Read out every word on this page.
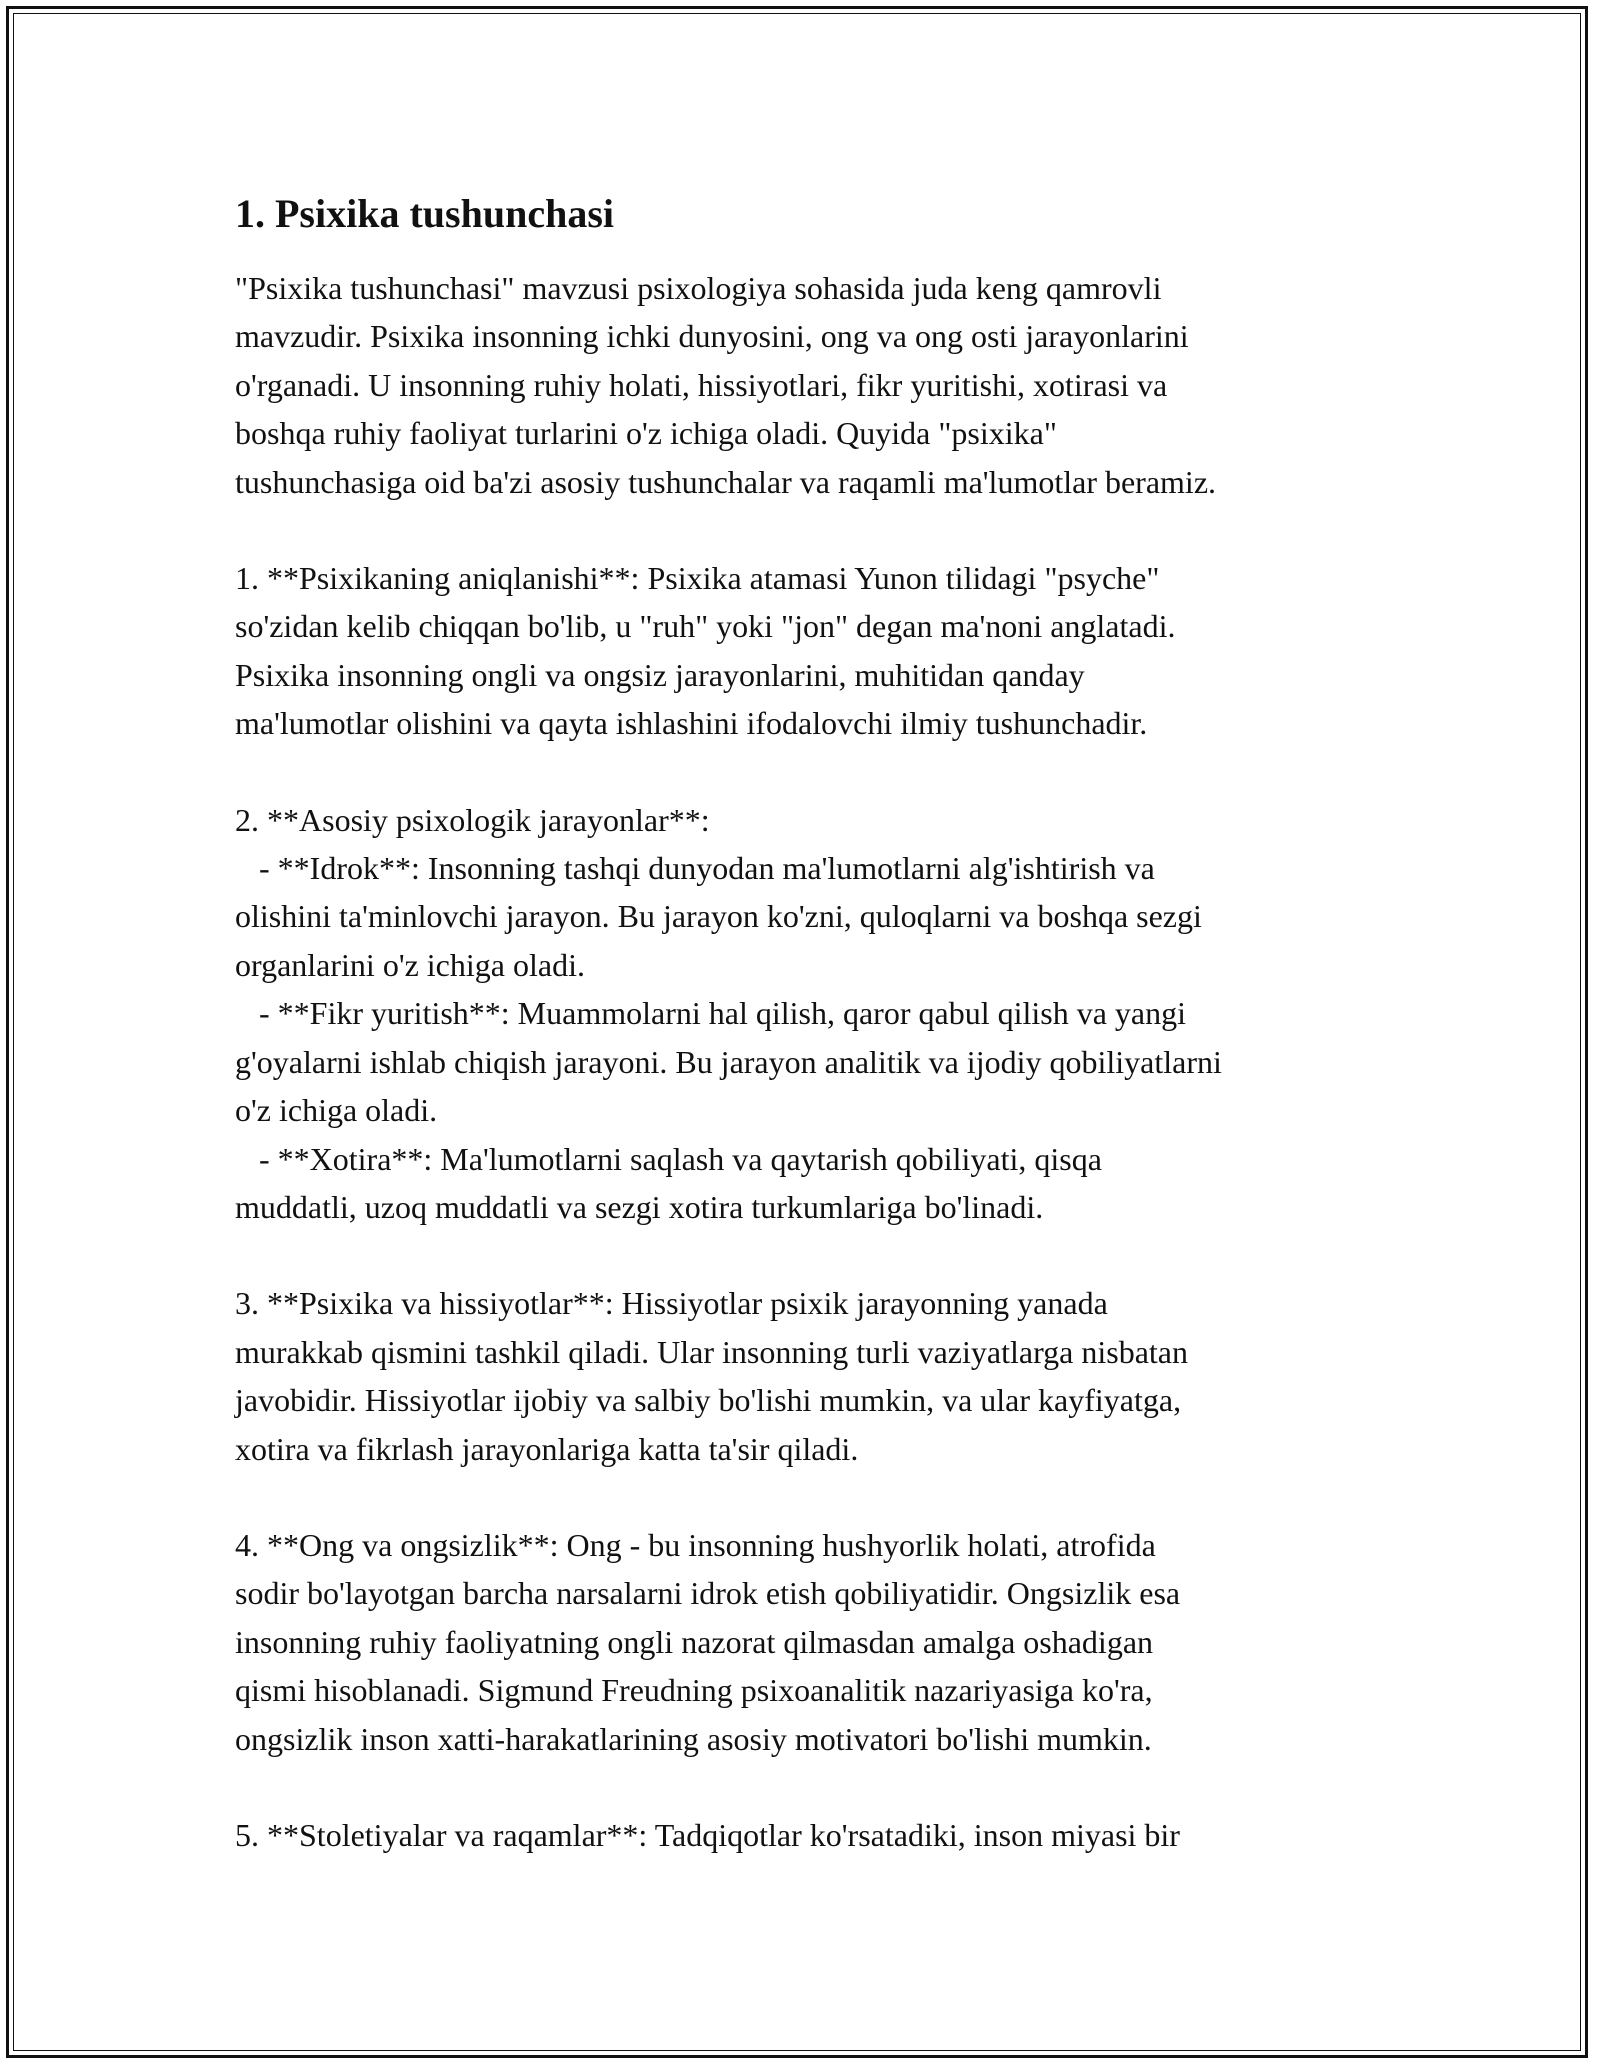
1. Psixika tushunchasi
"Psixika tushunchasi" mavzusi psixologiya sohasida juda keng qamrovli
mavzudir. Psixika insonning ichki dunyosini, ong va ong osti jarayonlarini
o'rganadi. U insonning ruhiy holati, hissiyotlari, fikr yuritishi, xotirasi va
boshqa ruhiy faoliyat turlarini o'z ichiga oladi. Quyida "psixika"
tushunchasiga oid ba'zi asosiy tushunchalar va raqamli ma'lumotlar beramiz.
1. **Psixikaning aniqlanishi**: Psixika atamasi Yunon tilidagi "psyche"
so'zidan kelib chiqqan bo'lib, u "ruh" yoki "jon" degan ma'noni anglatadi.
Psixika insonning ongli va ongsiz jarayonlarini, muhitidan qanday
ma'lumotlar olishini va qayta ishlashini ifodalovchi ilmiy tushunchadir.
2. **Asosiy psixologik jarayonlar**:
- **Idrok**: Insonning tashqi dunyodan ma'lumotlarni alg'ishtirish va
olishini ta'minlovchi jarayon. Bu jarayon ko'zni, quloqlarni va boshqa sezgi
organlarini o'z ichiga oladi.
- **Fikr yuritish**: Muammolarni hal qilish, qaror qabul qilish va yangi
g'oyalarni ishlab chiqish jarayoni. Bu jarayon analitik va ijodiy qobiliyatlarni
o'z ichiga oladi.
- **Xotira**: Ma'lumotlarni saqlash va qaytarish qobiliyati, qisqa
muddatli, uzoq muddatli va sezgi xotira turkumlariga bo'linadi.
3. **Psixika va hissiyotlar**: Hissiyotlar psixik jarayonning yanada
murakkab qismini tashkil qiladi. Ular insonning turli vaziyatlarga nisbatan
javobidir. Hissiyotlar ijobiy va salbiy bo'lishi mumkin, va ular kayfiyatga,
xotira va fikrlash jarayonlariga katta ta'sir qiladi.
4. **Ong va ongsizlik**: Ong - bu insonning hushyorlik holati, atrofida
sodir bo'layotgan barcha narsalarni idrok etish qobiliyatidir. Ongsizlik esa
insonning ruhiy faoliyatning ongli nazorat qilmasdan amalga oshadigan
qismi hisoblanadi. Sigmund Freudning psixoanalitik nazariyasiga ko'ra,
ongsizlik inson xatti-harakatlarining asosiy motivatori bo'lishi mumkin.
5. **Stoletiyalar va raqamlar**: Tadqiqotlar ko'rsatadiki, inson miyasi bir
